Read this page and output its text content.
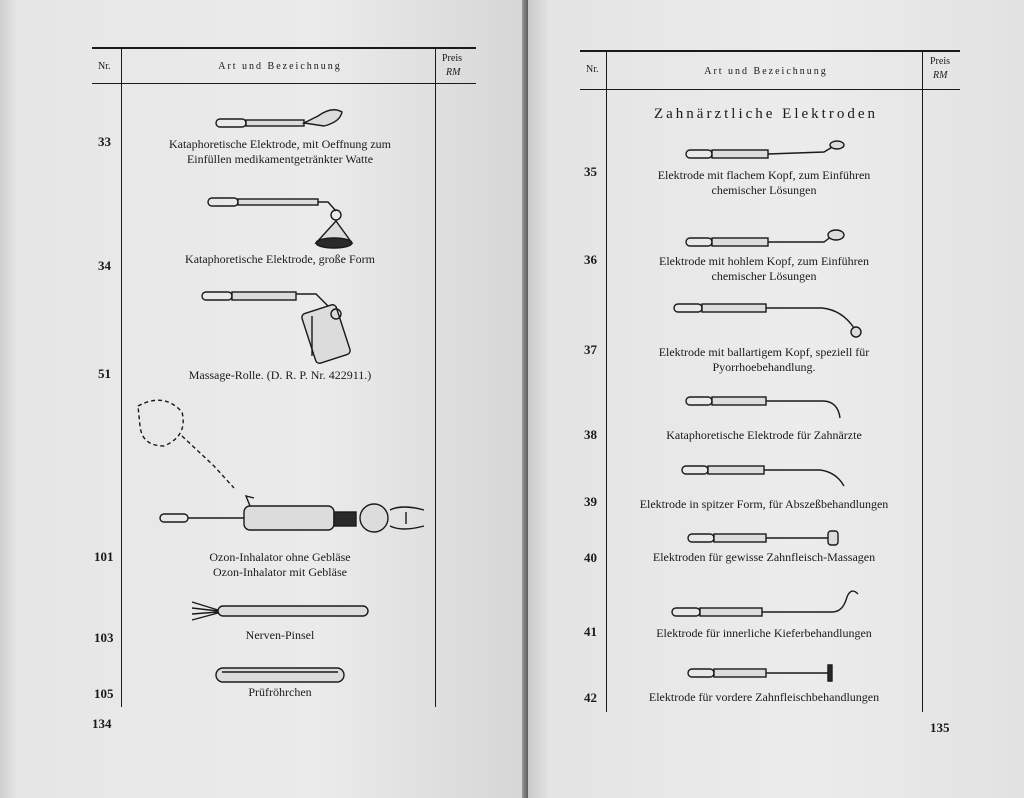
Nr.	Art und Bezeichnung
Preis
RM
33	Kataphoretische Elektrode, mit Oeffnung zum
Einfüllen medikamentgetränkter Watte
34	Kataphoretische Elektrode, große Form
51	Massage-Rolle. (D. R. P. Nr. 422911.)
101	Ozon-Inhalator ohne Gebläse
Ozon-Inhalator mit Gebläse
103	Nerven-Pinsel
105	Prüfröhrchen
134
Nr.	Art und Bezeichnung
Preis
RM
Zahnärztliche Elektroden
35	Elektrode mit flachem Kopf, zum Einführen
chemischer Lösungen
36	Elektrode mit hohlem Kopf, zum Einführen
chemischer Lösungen
37	Elektrode mit ballartigem Kopf, speziell für
Pyorrhoebehandlung.
38	Kataphoretische Elektrode für Zahnärzte
39	Elektrode in spitzer Form, für Abszeßbehandlungen
40	Elektroden für gewisse Zahnfleisch-Massagen
41	Elektrode für innerliche Kieferbehandlungen
42	Elektrode für vordere Zahnfleischbehandlungen
135
